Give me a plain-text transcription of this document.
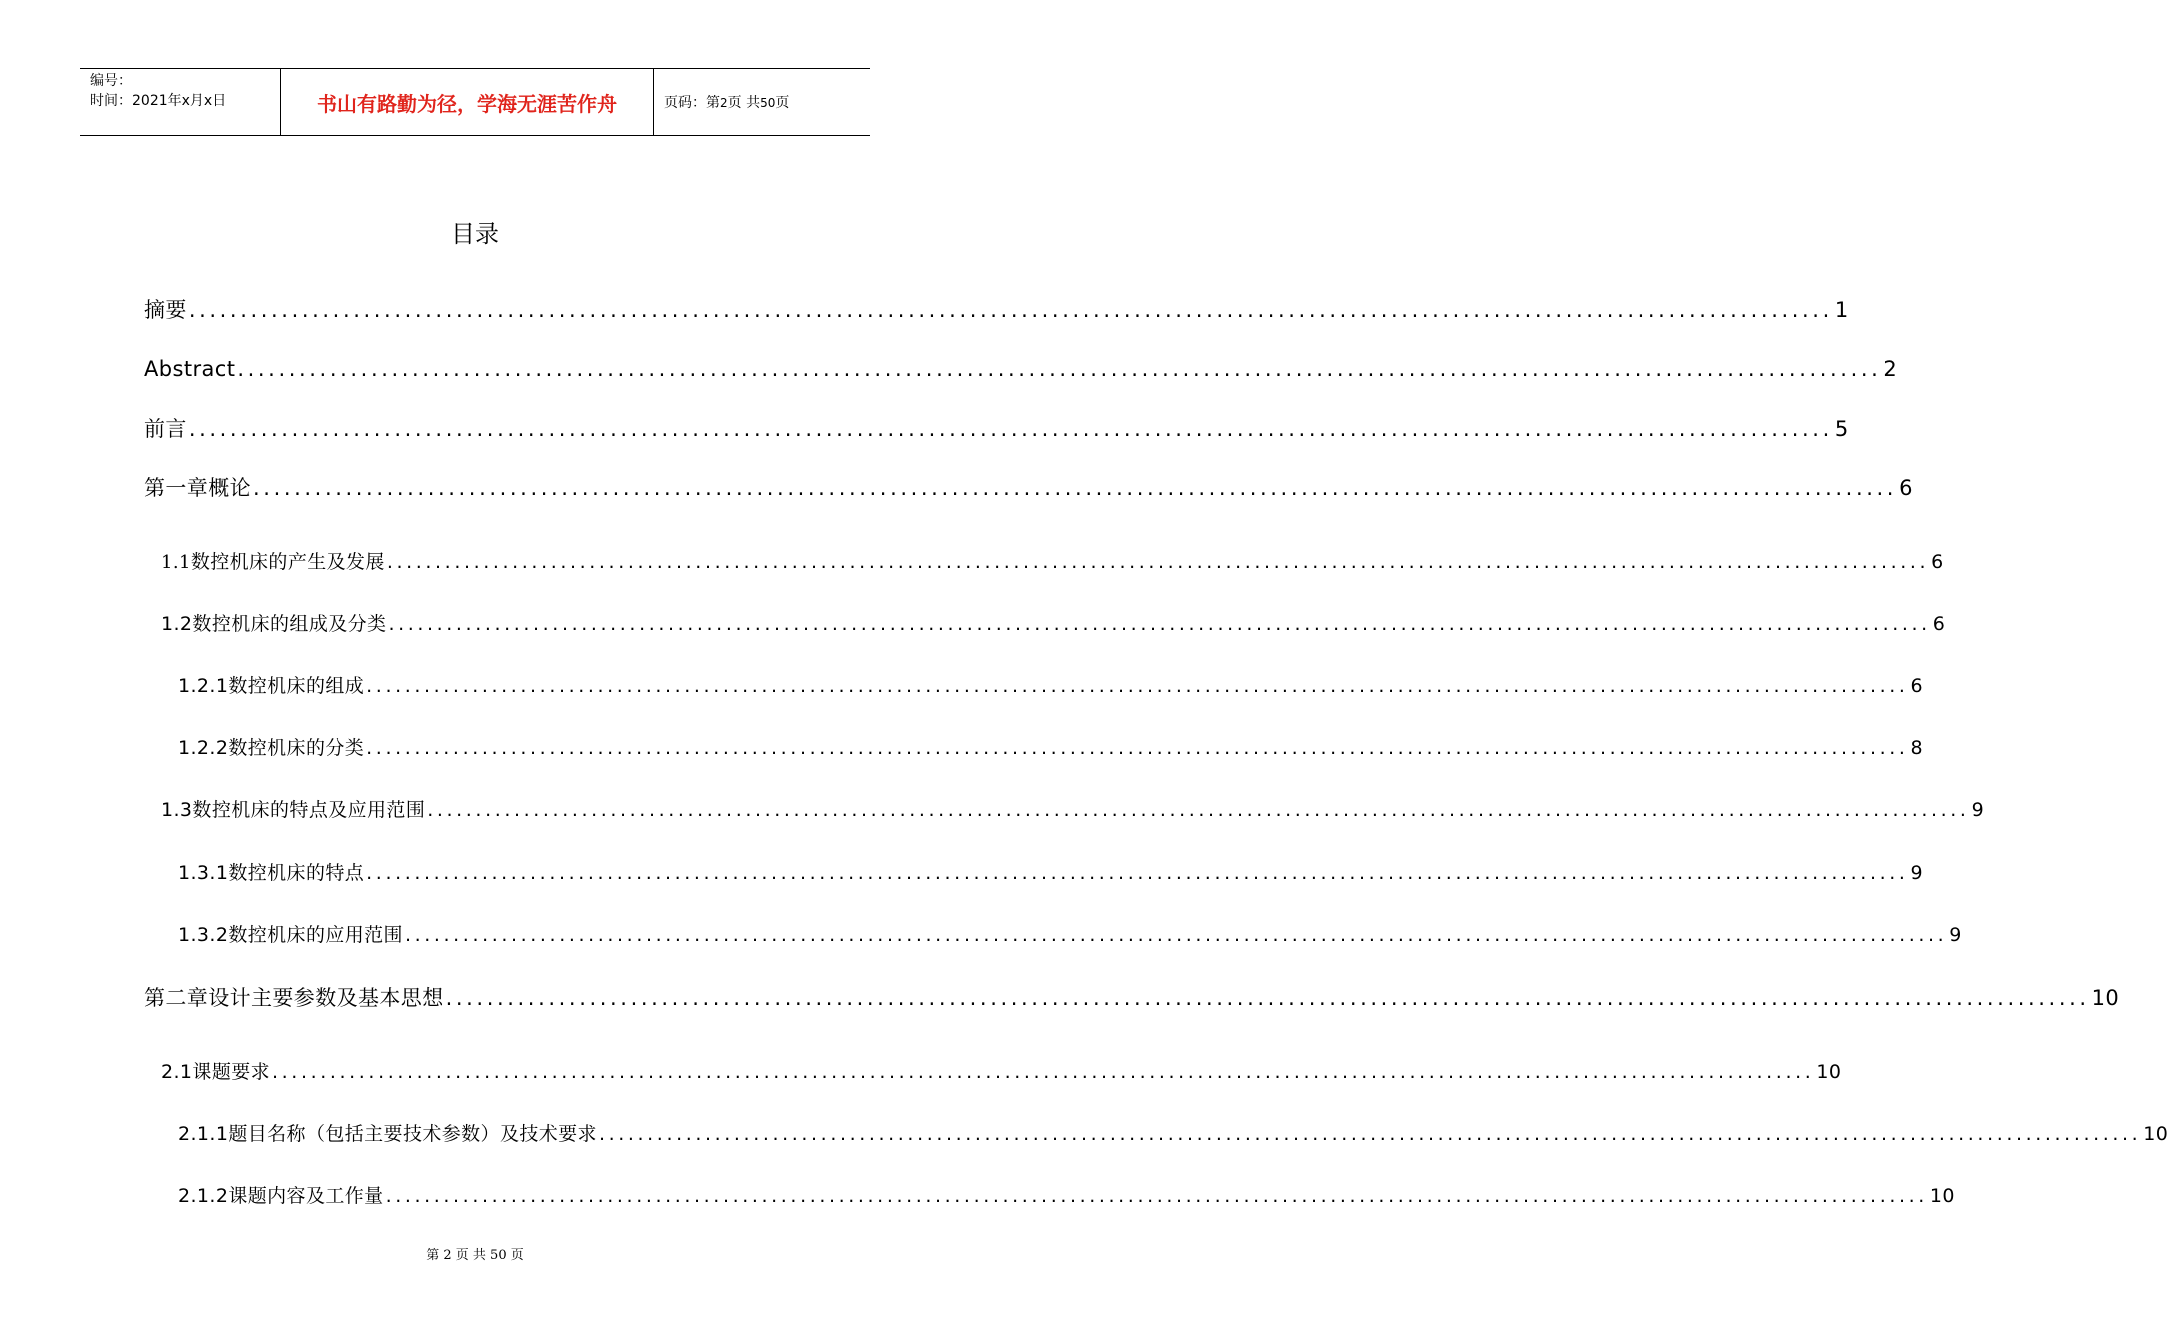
编号：
时间：2021年x月x日	书山有路勤为径，学海无涯苦作舟	页码：第2页 共50页
目录
摘要 ................................................................................................................................................................ 1
Abstract ................................................................................................................................................................ 2
前言 ................................................................................................................................................................ 5
第一章 概论 ................................................................................................................................................................ 6
1.1 数控机床的产生及发展 ................................................................................................................................................................ 6
1.2 数控机床的组成及分类 ................................................................................................................................................................ 6
1.2.1 数控机床的组成 ................................................................................................................................................................ 6
1.2.2 数控机床的分类 ................................................................................................................................................................ 8
1.3 数控机床的特点及应用范围 ................................................................................................................................................................ 9
1.3.1 数控机床的特点 ................................................................................................................................................................ 9
1.3.2 数控机床的应用范围 ................................................................................................................................................................ 9
第二章 设计主要参数及基本思想 ................................................................................................................................................................ 10
2.1 课题要求 ................................................................................................................................................................ 10
2.1.1 题目名称（包括主要技术参数）及技术要求 ................................................................................................................................................................ 10
2.1.2 课题内容及工作量 ................................................................................................................................................................ 10
第 2 页 共 50 页
